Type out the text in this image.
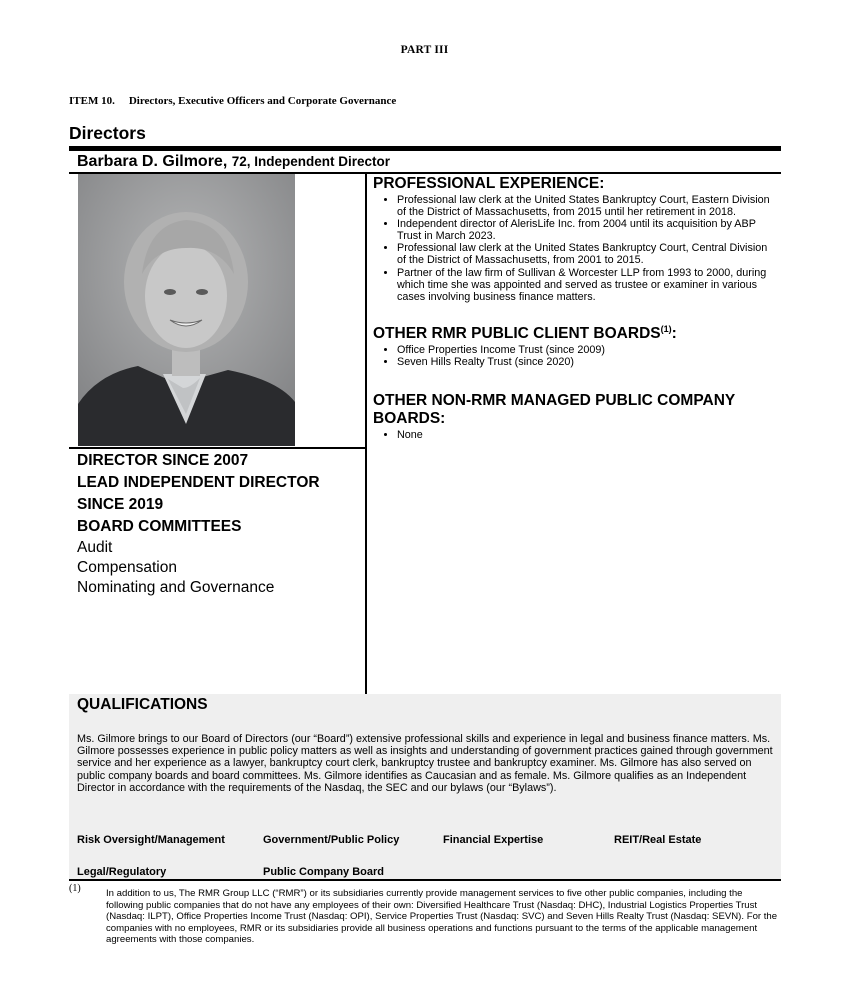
PART III
ITEM 10. Directors, Executive Officers and Corporate Governance
Directors
Barbara D. Gilmore, 72, Independent Director
DIRECTOR SINCE 2007
LEAD INDEPENDENT DIRECTOR
SINCE 2019
BOARD COMMITTEES
Audit
Compensation
Nominating and Governance
PROFESSIONAL EXPERIENCE:
• Professional law clerk at the United States Bankruptcy Court, Eastern Division of the District of Massachusetts, from 2015 until her retirement in 2018.
• Independent director of AlerisLife Inc. from 2004 until its acquisition by ABP Trust in March 2023.
• Professional law clerk at the United States Bankruptcy Court, Central Division of the District of Massachusetts, from 2001 to 2015.
• Partner of the law firm of Sullivan & Worcester LLP from 1993 to 2000, during which time she was appointed and served as trustee or examiner in various cases involving business finance matters.
OTHER RMR PUBLIC CLIENT BOARDS$^{(1)}$:
• Office Properties Income Trust (since 2009)
• Seven Hills Realty Trust (since 2020)
OTHER NON-RMR MANAGED PUBLIC COMPANY BOARDS:
• None
QUALIFICATIONS
Ms. Gilmore brings to our Board of Directors (our “Board”) extensive professional skills and experience in legal and business finance matters. Ms. Gilmore possesses experience in public policy matters as well as insights and understanding of government practices gained through government service and her experience as a lawyer, bankruptcy court clerk, bankruptcy trustee and bankruptcy examiner. Ms. Gilmore has also served on public company boards and board committees. Ms. Gilmore identifies as Caucasian and as female. Ms. Gilmore qualifies as an Independent Director in accordance with the requirements of the Nasdaq, the SEC and our bylaws (our “Bylaws”).
Risk Oversight/Management	Government/Public Policy	Financial Expertise	REIT/Real Estate
Legal/Regulatory	Public Company Board
(1)	In addition to us, The RMR Group LLC (“RMR”) or its subsidiaries currently provide management services to five other public companies, including the following public companies that do not have any employees of their own: Diversified Healthcare Trust (Nasdaq: DHC), Industrial Logistics Properties Trust (Nasdaq: ILPT), Office Properties Income Trust (Nasdaq: OPI), Service Properties Trust (Nasdaq: SVC) and Seven Hills Realty Trust (Nasdaq: SEVN). For the companies with no employees, RMR or its subsidiaries provide all business operations and functions pursuant to the terms of the applicable management agreements with those companies.
